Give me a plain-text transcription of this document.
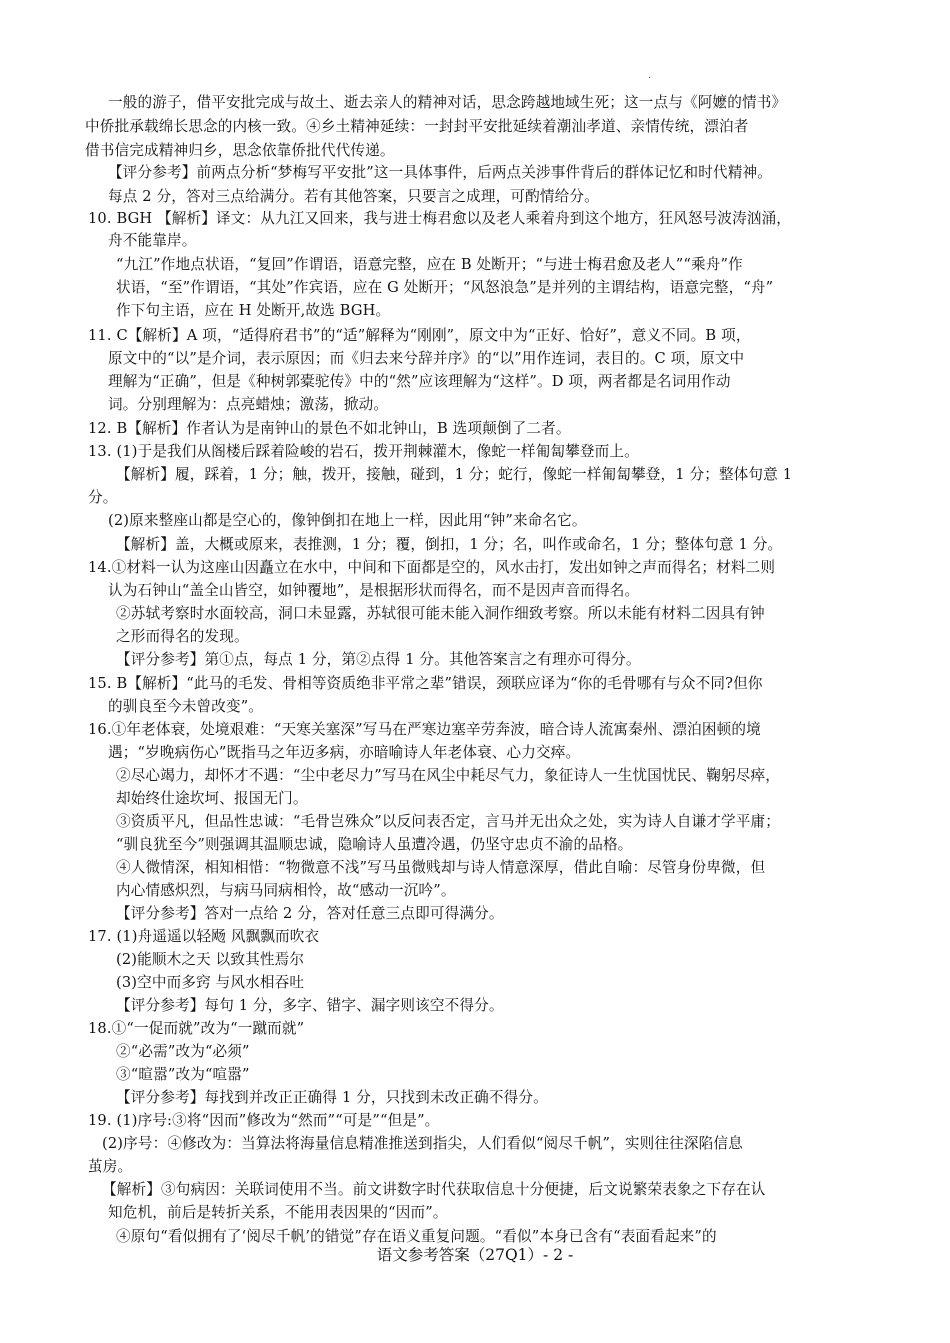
.
一般的游子，借平安批完成与故土、逝去亲人的精神对话，思念跨越地域生死；这一点与《阿嬷的情书》
中侨批承载绵长思念的内核一致。④乡土精神延续：一封封平安批延续着潮汕孝道、亲情传统，漂泊者
借书信完成精神归乡，思念依靠侨批代代传递。
【评分参考】前两点分析“梦梅写平安批”这一具体事件，后两点关涉事件背后的群体记忆和时代精神。
每点 2 分，答对三点给满分。若有其他答案，只要言之成理，可酌情给分。
10. BGH 【解析】译文：从九江又回来，我与进士梅君愈以及老人乘着舟到这个地方，狂风怒号波涛汹涌，
舟不能靠岸。
“九江”作地点状语，“复回”作谓语，语意完整，应在 B 处断开；“与进士梅君愈及老人”“乘舟”作
状语，“至”作谓语，“其处”作宾语，应在 G 处断开；“风怒浪急”是并列的主谓结构，语意完整，“舟”
作下句主语，应在 H 处断开,故选 BGH。
11. C【解析】A 项，“适得府君书”的“适”解释为“刚刚”，原文中为“正好、恰好”，意义不同。B 项，
原文中的“以”是介词，表示原因；而《归去来兮辞并序》的“以”用作连词，表目的。C 项，原文中
理解为“正确”，但是《种树郭橐驼传》中的“然”应该理解为“这样”。D 项，两者都是名词用作动
词。分别理解为：点亮蜡烛；激荡，掀动。
12. B【解析】作者认为是南钟山的景色不如北钟山，B 选项颠倒了二者。
13. (1)于是我们从阁楼后踩着险峻的岩石，拨开荆棘灌木，像蛇一样匍匐攀登而上。
【解析】履，踩着，1 分；触，拨开，接触，碰到，1 分；蛇行，像蛇一样匍匐攀登，1 分；整体句意 1
分。
(2)原来整座山都是空心的，像钟倒扣在地上一样，因此用“钟”来命名它。
【解析】盖，大概或原来，表推测，1 分；覆，倒扣，1 分；名，叫作或命名，1 分；整体句意 1 分。
14.①材料一认为这座山因矗立在水中，中间和下面都是空的，风水击打，发出如钟之声而得名；材料二则
认为石钟山“盖全山皆空，如钟覆地”，是根据形状而得名，而不是因声音而得名。
②苏轼考察时水面较高，洞口未显露，苏轼很可能未能入洞作细致考察。所以未能有材料二因具有钟
之形而得名的发现。
【评分参考】第①点，每点 1 分，第②点得 1 分。其他答案言之有理亦可得分。
15. B【解析】“此马的毛发、骨相等资质绝非平常之辈”错误，颈联应译为“你的毛骨哪有与众不同?但你
的驯良至今未曾改变”。
16.①年老体衰，处境艰难：“天寒关塞深”写马在严寒边塞辛劳奔波，暗合诗人流寓秦州、漂泊困顿的境
遇；“岁晚病伤心”既指马之年迈多病，亦暗喻诗人年老体衰、心力交瘁。
②尽心竭力，却怀才不遇：“尘中老尽力”写马在风尘中耗尽气力，象征诗人一生忧国忧民、鞠躬尽瘁，
却始终仕途坎坷、报国无门。
③资质平凡，但品性忠诚：“毛骨岂殊众”以反问表否定，言马并无出众之处，实为诗人自谦才学平庸；
“驯良犹至今”则强调其温顺忠诚，隐喻诗人虽遭冷遇，仍坚守忠贞不渝的品格。
④人微情深，相知相惜：“物微意不浅”写马虽微贱却与诗人情意深厚，借此自喻：尽管身份卑微，但
内心情感炽烈，与病马同病相怜，故“感动一沉吟”。
【评分参考】答对一点给 2 分，答对任意三点即可得满分。
17. (1)舟遥遥以轻飏 风飘飘而吹衣
(2)能顺木之天 以致其性焉尔
(3)空中而多窍 与风水相吞吐
【评分参考】每句 1 分，多字、错字、漏字则该空不得分。
18.①“一促而就”改为“一蹴而就”
②“必需”改为“必须”
③“暄嚣”改为“喧嚣”
【评分参考】每找到并改正正确得 1 分，只找到未改正确不得分。
19. (1)序号:③将“因而”修改为“然而”“可是”“但是”。
(2)序号：④修改为：当算法将海量信息精准推送到指尖，人们看似“阅尽千帆”，实则往往深陷信息
茧房。
【解析】③句病因：关联词使用不当。前文讲数字时代获取信息十分便捷，后文说繁荣表象之下存在认
知危机，前后是转折关系，不能用表因果的“因而”。
④原句“看似拥有了‘阅尽千帆’的错觉”存在语义重复问题。“看似”本身已含有“表面看起来”的
语文参考答案（27Q1）- 2 -
